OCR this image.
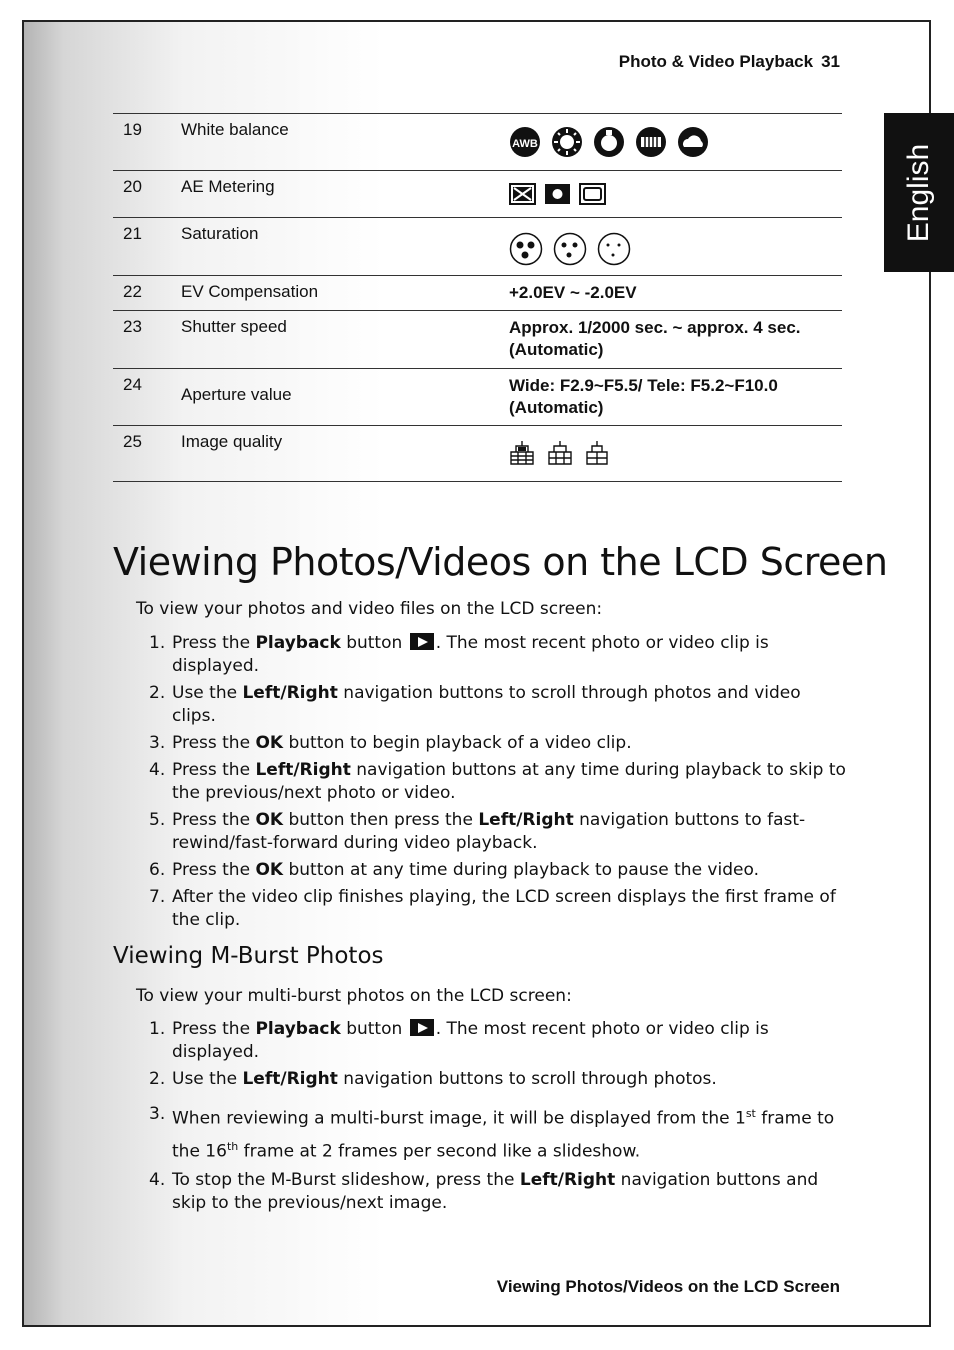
Photo & Video Playback 31
English
19	White balance	AWB

20	AE Metering	

21	Saturation	

22	EV Compensation	+2.0EV ~ -2.0EV
23	Shutter speed	Approx. 1/2000 sec. ~ approx. 4 sec.(Automatic)
24	Aperture value	Wide: F2.9~F5.5/ Tele: F5.2~F10.0 (Automatic)
25	Image quality	
Viewing Photos/Videos on the LCD Screen
To view your photos and video files on the LCD screen:
1. Press the Playback button . The most recent photo or video clip is displayed.
2. Use the Left/Right navigation buttons to scroll through photos and video clips.
3. Press the OK button to begin playback of a video clip.
4. Press the Left/Right navigation buttons at any time during playback to skip to the previous/next photo or video.
5. Press the OK button then press the Left/Right navigation buttons to fast-rewind/fast-forward during video playback.
6. Press the OK button at any time during playback to pause the video.
7. After the video clip finishes playing, the LCD screen displays the first frame of the clip.
Viewing M-Burst Photos
To view your multi-burst photos on the LCD screen:
1. Press the Playback button . The most recent photo or video clip is displayed.
2. Use the Left/Right navigation buttons to scroll through photos.
3. When reviewing a multi-burst image, it will be displayed from the 1st frame to the 16th frame at 2 frames per second like a slideshow.
4. To stop the M-Burst slideshow, press the Left/Right navigation buttons and skip to the previous/next image.
Viewing Photos/Videos on the LCD Screen
